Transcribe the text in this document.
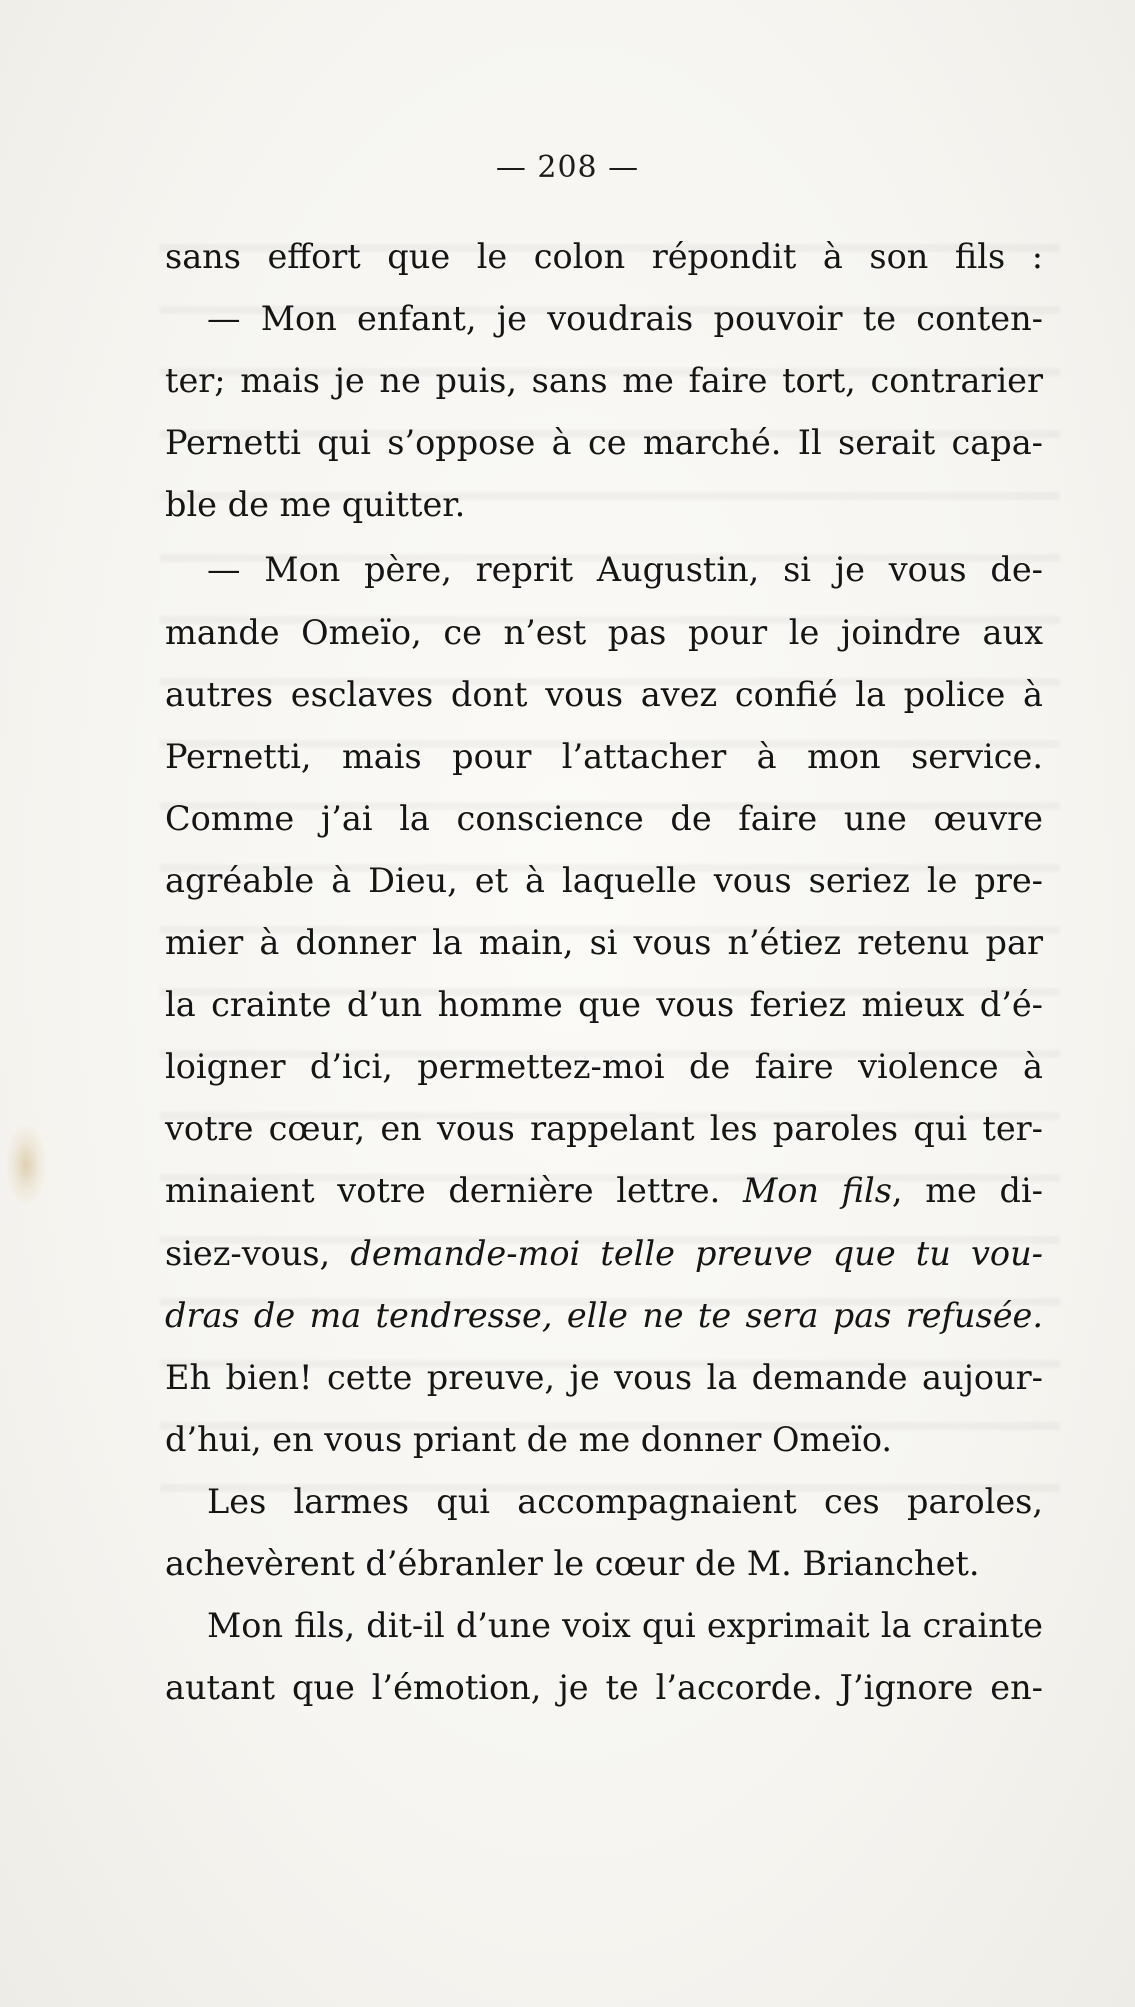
— 208 —
sans effort que le colon répondit à son fils :
— Mon enfant, je voudrais pouvoir te conten-
ter; mais je ne puis, sans me faire tort, contrarier
Pernetti qui s’oppose à ce marché. Il serait capa-
ble de me quitter.
— Mon père, reprit Augustin, si je vous de-
mande Omeïo, ce n’est pas pour le joindre aux
autres esclaves dont vous avez confié la police à
Pernetti, mais pour l’attacher à mon service.
Comme j’ai la conscience de faire une œuvre
agréable à Dieu, et à laquelle vous seriez le pre-
mier à donner la main, si vous n’étiez retenu par
la crainte d’un homme que vous feriez mieux d’é-
loigner d’ici, permettez-moi de faire violence à
votre cœur, en vous rappelant les paroles qui ter-
minaient votre dernière lettre. Mon fils, me di-
siez-vous, demande-moi telle preuve que tu vou-
dras de ma tendresse, elle ne te sera pas refusée.
Eh bien! cette preuve, je vous la demande aujour-
d’hui, en vous priant de me donner Omeïo.
Les larmes qui accompagnaient ces paroles,
achevèrent d’ébranler le cœur de M. Brianchet.
Mon fils, dit-il d’une voix qui exprimait la crainte
autant que l’émotion, je te l’accorde. J’ignore en-
